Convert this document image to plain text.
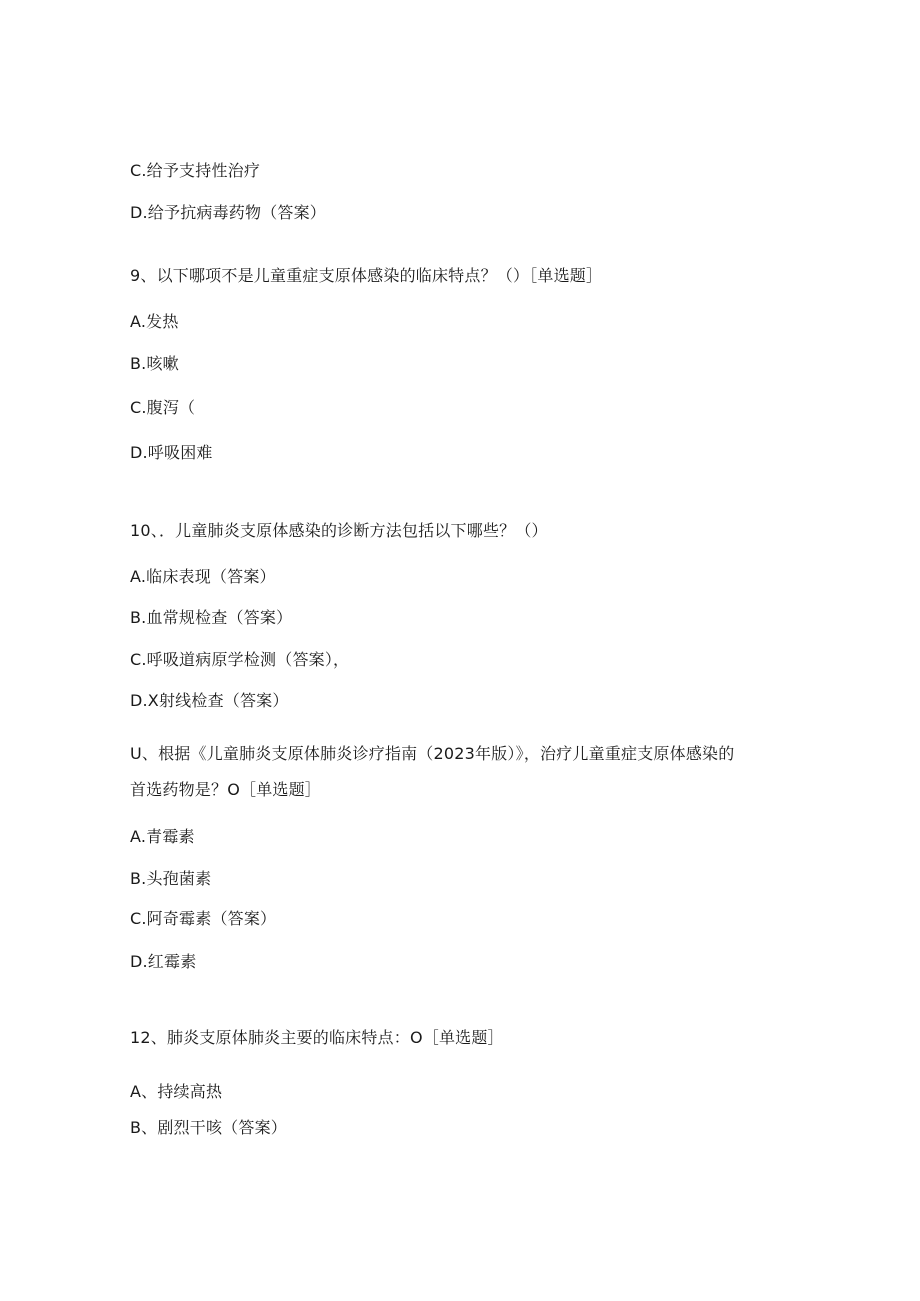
C.给予支持性治疗
D.给予抗病毒药物（答案）
9、以下哪项不是儿童重症支原体感染的临床特点？（）［单选题］
A.发热
B.咳嗽
C.腹泻（
D.呼吸困难
10、．儿童肺炎支原体感染的诊断方法包括以下哪些？（）
A.临床表现（答案）
B.血常规检查（答案）
C.呼吸道病原学检测（答案），
D.X射线检查（答案）
U、根据《儿童肺炎支原体肺炎诊疗指南（2023年版）》，治疗儿童重症支原体感染的
首选药物是？O［单选题］
A.青霉素
B.头孢菌素
C.阿奇霉素（答案）
D.红霉素
12、肺炎支原体肺炎主要的临床特点：O［单选题］
A、持续高热
B、剧烈干咳（答案）
